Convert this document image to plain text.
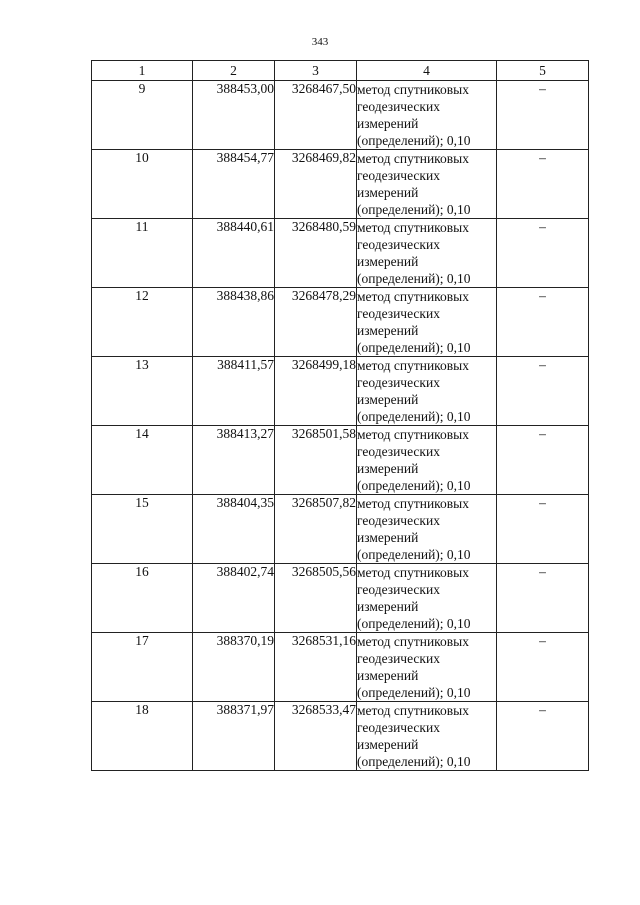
343
1	2	3	4	5
9	388453,00	3268467,50	метод спутниковых
геодезических
измерений
(определений); 0,10	–
10	388454,77	3268469,82	метод спутниковых
геодезических
измерений
(определений); 0,10	–
11	388440,61	3268480,59	метод спутниковых
геодезических
измерений
(определений); 0,10	–
12	388438,86	3268478,29	метод спутниковых
геодезических
измерений
(определений); 0,10	–
13	388411,57	3268499,18	метод спутниковых
геодезических
измерений
(определений); 0,10	–
14	388413,27	3268501,58	метод спутниковых
геодезических
измерений
(определений); 0,10	–
15	388404,35	3268507,82	метод спутниковых
геодезических
измерений
(определений); 0,10	–
16	388402,74	3268505,56	метод спутниковых
геодезических
измерений
(определений); 0,10	–
17	388370,19	3268531,16	метод спутниковых
геодезических
измерений
(определений); 0,10	–
18	388371,97	3268533,47	метод спутниковых
геодезических
измерений
(определений); 0,10	–
